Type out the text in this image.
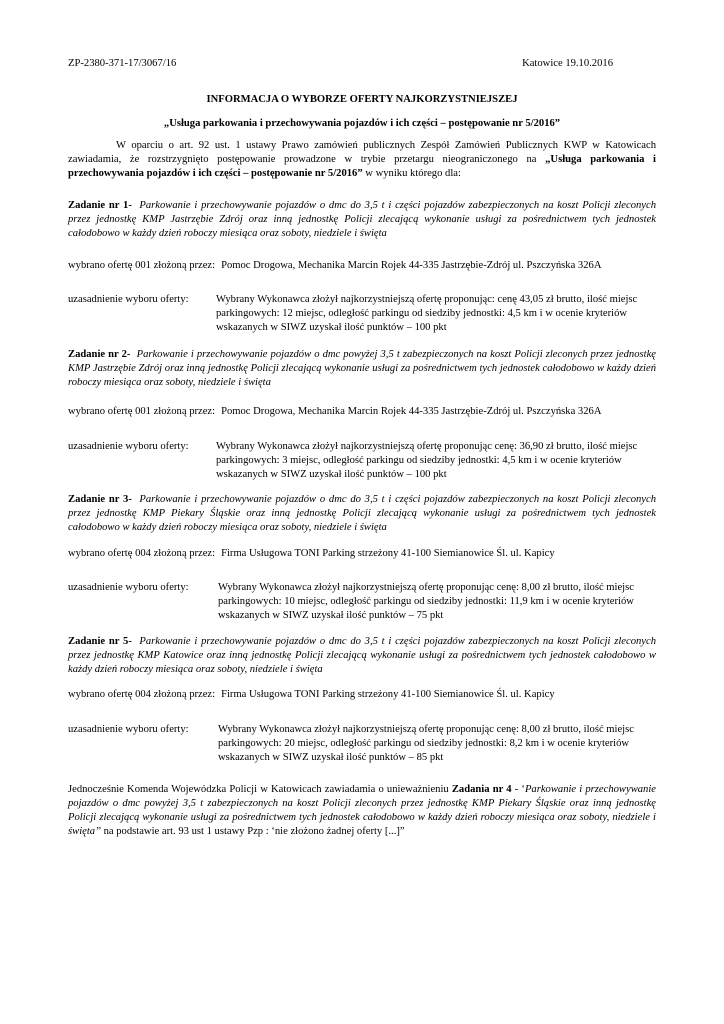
ZP-2380-371-17/3067/16	Katowice 19.10.2016
INFORMACJA O WYBORZE OFERTY NAJKORZYSTNIEJSZEJ
„Usługa parkowania i przechowywania pojazdów i ich części – postępowanie nr 5/2016”
W oparciu o art. 92 ust. 1 ustawy Prawo zamówień publicznych Zespół Zamówień Publicznych KWP w Katowicach zawiadamia, że rozstrzygnięto postępowanie prowadzone w trybie przetargu nieograniczonego na „Usługa parkowania i przechowywania pojazdów i ich części – postępowanie nr 5/2016” w wyniku którego dla:
Zadanie nr 1- Parkowanie i przechowywanie pojazdów o dmc do 3,5 t i części pojazdów zabezpieczonych na koszt Policji zleconych przez jednostkę KMP Jastrzębie Zdrój oraz inną jednostkę Policji zlecającą wykonanie usługi za pośrednictwem tych jednostek całodobowo w każdy dzień roboczy miesiąca oraz soboty, niedziele i święta
wybrano ofertę 001 złożoną przez: Pomoc Drogowa, Mechanika Marcin Rojek 44-335 Jastrzębie-Zdrój ul. Pszczyńska 326A
uzasadnienie wyboru oferty:	Wybrany Wykonawca złożył najkorzystniejszą ofertę proponując: cenę 43,05 zł brutto, ilość miejsc parkingowych: 12 miejsc, odległość parkingu od siedziby jednostki: 4,5 km i w ocenie kryteriów wskazanych w SIWZ uzyskał ilość punktów – 100 pkt
Zadanie nr 2- Parkowanie i przechowywanie pojazdów o dmc powyżej 3,5 t zabezpieczonych na koszt Policji zleconych przez jednostkę KMP Jastrzębie Zdrój oraz inną jednostkę Policji zlecającą wykonanie usługi za pośrednictwem tych jednostek całodobowo w każdy dzień roboczy miesiąca oraz soboty, niedziele i święta
wybrano ofertę 001 złożoną przez: Pomoc Drogowa, Mechanika Marcin Rojek 44-335 Jastrzębie-Zdrój ul. Pszczyńska 326A
uzasadnienie wyboru oferty:	Wybrany Wykonawca złożył najkorzystniejszą ofertę proponując cenę: 36,90 zł brutto, ilość miejsc parkingowych: 3 miejsc, odległość parkingu od siedziby jednostki: 4,5 km i w ocenie kryteriów wskazanych w SIWZ uzyskał ilość punktów – 100 pkt
Zadanie nr 3- Parkowanie i przechowywanie pojazdów o dmc do 3,5 t i części pojazdów zabezpieczonych na koszt Policji zleconych przez jednostkę KMP Piekary Śląskie oraz inną jednostkę Policji zlecającą wykonanie usługi za pośrednictwem tych jednostek całodobowo w każdy dzień roboczy miesiąca oraz soboty, niedziele i święta
wybrano ofertę 004 złożoną przez: Firma Usługowa TONI Parking strzeżony 41-100 Siemianowice Śl. ul. Kapicy
uzasadnienie wyboru oferty:	Wybrany Wykonawca złożył najkorzystniejszą ofertę proponując cenę: 8,00 zł brutto, ilość miejsc parkingowych: 10 miejsc, odległość parkingu od siedziby jednostki: 11,9 km i w ocenie kryteriów wskazanych w SIWZ uzyskał ilość punktów – 75 pkt
Zadanie nr 5- Parkowanie i przechowywanie pojazdów o dmc do 3,5 t i części pojazdów zabezpieczonych na koszt Policji zleconych przez jednostkę KMP Katowice oraz inną jednostkę Policji zlecającą wykonanie usługi za pośrednictwem tych jednostek całodobowo w każdy dzień roboczy miesiąca oraz soboty, niedziele i święta
wybrano ofertę 004 złożoną przez: Firma Usługowa TONI Parking strzeżony 41-100 Siemianowice Śl. ul. Kapicy
uzasadnienie wyboru oferty:	Wybrany Wykonawca złożył najkorzystniejszą ofertę proponując cenę: 8,00 zł brutto, ilość miejsc parkingowych: 20 miejsc, odległość parkingu od siedziby jednostki: 8,2 km i w ocenie kryteriów wskazanych w SIWZ uzyskał ilość punktów – 85 pkt
Jednocześnie Komenda Wojewódzka Policji w Katowicach zawiadamia o unieważnieniu Zadania nr 4 - ‘Parkowanie i przechowywanie pojazdów o dmc powyżej 3,5 t zabezpieczonych na koszt Policji zleconych przez jednostkę KMP Piekary Śląskie oraz inną jednostkę Policji zlecającą wykonanie usługi za pośrednictwem tych jednostek całodobowo w każdy dzień roboczy miesiąca oraz soboty, niedziele i święta’’ na podstawie art. 93 ust 1 ustawy Pzp : ‘nie złożono żadnej oferty [...]”
